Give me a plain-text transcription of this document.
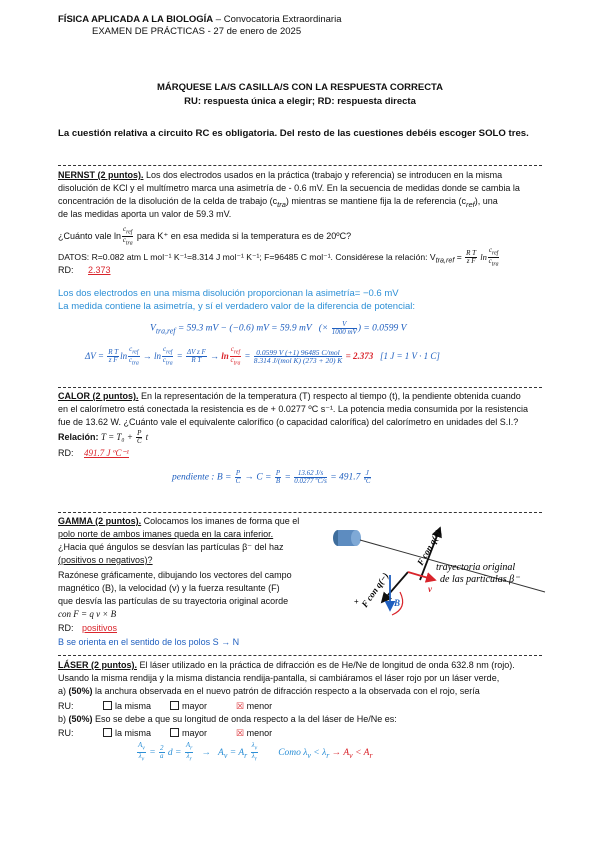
FÍSICA APLICADA A LA BIOLOGÍA – Convocatoria Extraordinaria
EXAMEN DE PRÁCTICAS - 27 de enero de 2025
MÁRQUESE LA/S CASILLA/S CON LA RESPUESTA CORRECTA
RU: respuesta única a elegir; RD: respuesta directa
La cuestión relativa a circuito RC es obligatoria. Del resto de las cuestiones debéis escoger SOLO tres.
NERNST (2 puntos). Los dos electrodos usados en la práctica (trabajo y referencia) se introducen en la misma
disolución de KCl y el multímetro marca una asimetría de - 0.6 mV. En la secuencia de medidas donde se cambia la
concentración de la disolución de la celda de trabajo $(c_{tra})$ mientras se mantiene fija la de referencia $(c_{ref})$, una
de las medidas aporta un valor de 59.3 mV.
¿Cuánto vale $\ln \frac{c_{ref}}{c_{tra}}$ para K⁺ en esa medida si la temperatura es de 20ºC?
DATOS: R=0.082 atm L mol⁻¹ K⁻¹=8.314 J mol⁻¹ K⁻¹; F=96485 C mol⁻¹. Considérese la relación: $V_{tra,ref} = \frac{\text{R T}}{\text{z F}}$ $\ln \frac{c_{ref}}{c_{tra}}$
RD: 2.373
Los dos electrodos en una misma disolución proporcionan la asimetría= −0.6 mV
La medida contiene la asimetría, y sí el verdadero valor de la diferencia de potencial:
$V_{tra,ref} = 59.3$ mV − (−0.6) mV = 59.9 mV (× $\frac{V}{1000 mV}$ ) = 0.0599 V
$\Delta V = \frac{\text{R T}}{\text{z F}}$ $\ln \frac{c_{ref}}{c_{tra}} \to \ln \frac{c_{ref}}{c_{tra}} = \frac{\text{ΔV z F}}{\text{R T}} \to \ln \frac{c_{ref}}{c_{tra}} = \frac{\text{0.0599 V (+1) 96485 C/mol}}{\text{8.314 J/(mol K) (273 + 20) K}} = 2.373$ [1 J = 1 V · 1 C]
CALOR (2 puntos). En la representación de la temperatura (T) respecto al tiempo (t), la pendiente obtenida cuando
en el calorímetro está conectada la resistencia es de + 0.0277 ºC s⁻¹. La potencia media consumida por la resistencia
fue de 13.62 W. ¿Cuánto vale el equivalente calorífico (o capacidad calorífica) del calorímetro en unidades del S.I.?
Relación: $T = T_0 + \frac{P}{C}$ t
RD: 491.7 J ºC⁻¹
pendiente : $B = \frac{P}{C} \to C = \frac{P}{B} = \frac{13.62 J/s}{\text{0.0277 ºC/s}} = 491.7 \frac{J}{\text{ºC}}$
GAMMA (2 puntos). Colocamos los imanes de forma que el
polo norte de ambos imanes queda en la cara inferior.
¿Hacia qué ángulos se desvían las partículas β⁻ del haz
(positivos o negativos)?
Razónese gráficamente, dibujando los vectores del campo
magnético (B), la velocidad (v) y la fuerza resultante (F)
que desvía las partículas de su trayectoria original acorde
con F = q v × B
RD: positivos
B se orienta en el sentido de los polos S → N
+
F con q(+)
F con q(−)
trayectoria original
de las partículas β⁻
v
B
LÁSER (2 puntos). El láser utilizado en la práctica de difracción es de He/Ne de longitud de onda 632.8 nm (rojo).
Usando la misma rendija y la misma distancia rendija-pantalla, si cambiáramos el láser rojo por un láser verde,
a) (50%) la anchura observada en el nuevo patrón de difracción respecto a la observada con el rojo, sería
RU:	la misma	mayor	☒ menor
b) (50%) Eso se debe a que su longitud de onda respecto a la del láser de He/Ne es:
RU:	la misma	mayor	☒ menor
$\frac{A_v}{\lambda_v} = \frac{2}{a}$ $d = \frac{A_r}{\lambda_r} \to A_v = A_r \frac{\lambda_v}{\lambda_r}$ Como $\lambda_v < \lambda_r \to A_v < A_r$
